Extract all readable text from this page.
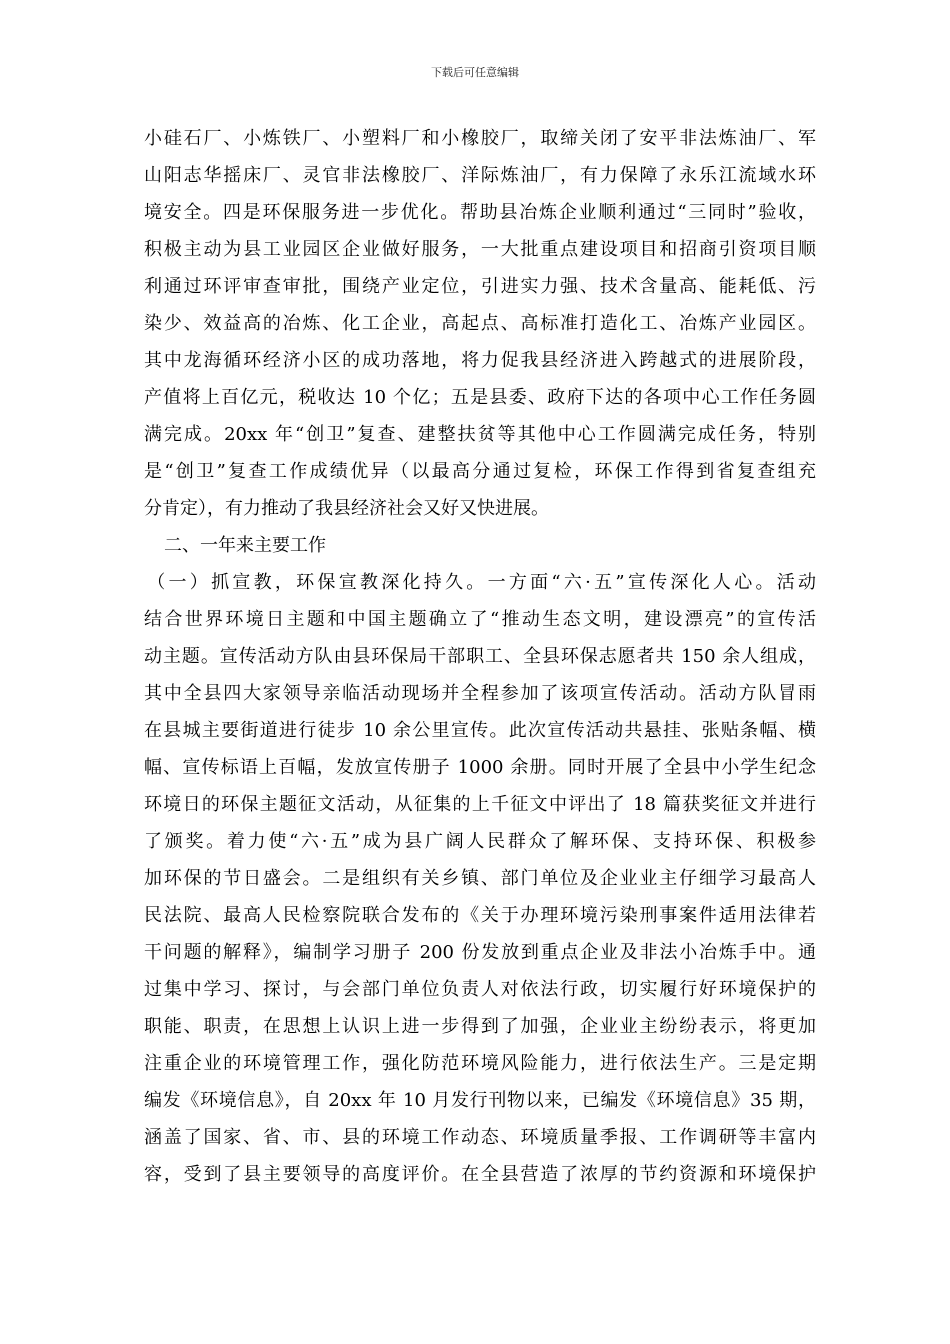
下载后可任意编辑
小硅石厂、小炼铁厂、小塑料厂和小橡胶厂，取缔关闭了安平非法炼油厂、军
山阳志华摇床厂、灵官非法橡胶厂、洋际炼油厂，有力保障了永乐江流域水环
境安全。四是环保服务进一步优化。帮助县冶炼企业顺利通过“三同时”验收，
积极主动为县工业园区企业做好服务，一大批重点建设项目和招商引资项目顺
利通过环评审查审批，围绕产业定位，引进实力强、技术含量高、能耗低、污
染少、效益高的冶炼、化工企业，高起点、高标准打造化工、冶炼产业园区。
其中龙海循环经济小区的成功落地，将力促我县经济进入跨越式的进展阶段，
产值将上百亿元，税收达 10 个亿；五是县委、政府下达的各项中心工作任务圆
满完成。20xx 年“创卫”复查、建整扶贫等其他中心工作圆满完成任务，特别
是“创卫”复查工作成绩优异（以最高分通过复检，环保工作得到省复查组充
分肯定），有力推动了我县经济社会又好又快进展。
二、一年来主要工作
（一）抓宣教，环保宣教深化持久。一方面“六·五”宣传深化人心。活动
结合世界环境日主题和中国主题确立了“推动生态文明，建设漂亮”的宣传活
动主题。宣传活动方队由县环保局干部职工、全县环保志愿者共 150 余人组成，
其中全县四大家领导亲临活动现场并全程参加了该项宣传活动。活动方队冒雨
在县城主要街道进行徒步 10 余公里宣传。此次宣传活动共悬挂、张贴条幅、横
幅、宣传标语上百幅，发放宣传册子 1000 余册。同时开展了全县中小学生纪念
环境日的环保主题征文活动，从征集的上千征文中评出了 18 篇获奖征文并进行
了颁奖。着力使“六·五”成为县广阔人民群众了解环保、支持环保、积极参
加环保的节日盛会。二是组织有关乡镇、部门单位及企业业主仔细学习最高人
民法院、最高人民检察院联合发布的《关于办理环境污染刑事案件适用法律若
干问题的解释》，编制学习册子 200 份发放到重点企业及非法小冶炼手中。通
过集中学习、探讨，与会部门单位负责人对依法行政，切实履行好环境保护的
职能、职责，在思想上认识上进一步得到了加强，企业业主纷纷表示，将更加
注重企业的环境管理工作，强化防范环境风险能力，进行依法生产。三是定期
编发《环境信息》，自 20xx 年 10 月发行刊物以来，已编发《环境信息》35 期，
涵盖了国家、省、市、县的环境工作动态、环境质量季报、工作调研等丰富内
容，受到了县主要领导的高度评价。在全县营造了浓厚的节约资源和环境保护
